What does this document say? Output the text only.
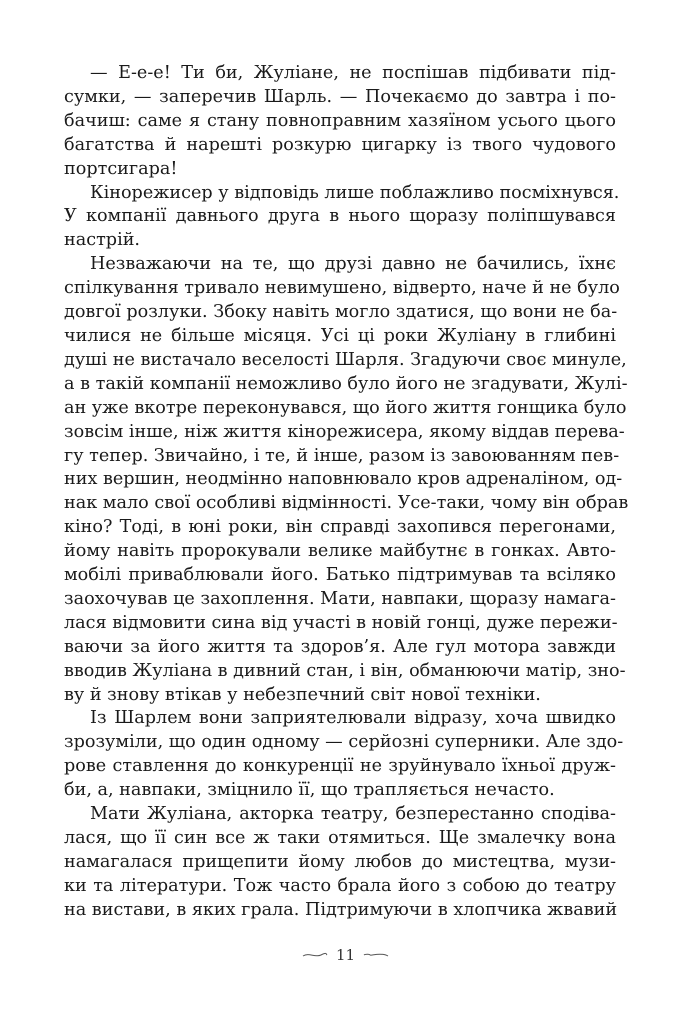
— Е-е-е! Ти би, Жуліане, не поспішав підбивати під-
сумки, — заперечив Шарль. — Почекаємо до завтра і по-
бачиш: саме я стану повноправним хазяїном усього цього
багатства й нарешті розкурю цигарку із твого чудового
портсигара!
Кінорежисер у відповідь лише поблажливо посміхнувся.
У компанії давнього друга в нього щоразу поліпшувався
настрій.
Незважаючи на те, що друзі давно не бачились, їхнє
спілкування тривало невимушено, відверто, наче й не було
довгої розлуки. Збоку навіть могло здатися, що вони не ба-
чилися не більше місяця. Усі ці роки Жуліану в глибині
душі не вистачало веселості Шарля. Згадуючи своє минуле,
а в такій компанії неможливо було його не згадувати, Жулі-
ан уже вкотре переконувався, що його життя гонщика було
зовсім інше, ніж життя кінорежисера, якому віддав перева-
гу тепер. Звичайно, і те, й інше, разом із завоюванням пев-
них вершин, неодмінно наповнювало кров адреналіном, од-
нак мало свої особливі відмінності. Усе-таки, чому він обрав
кіно? Тоді, в юні роки, він справді захопився перегонами,
йому навіть пророкували велике майбутнє в гонках. Авто-
мобілі приваблювали його. Батько підтримував та всіляко
заохочував це захоплення. Мати, навпаки, щоразу намага-
лася відмовити сина від участі в новій гонці, дуже пережи-
ваючи за його життя та здоров’я. Але гул мотора завжди
вводив Жуліана в дивний стан, і він, обманюючи матір, зно-
ву й знову втікав у небезпечний світ нової техніки.
Із Шарлем вони заприятелювали відразу, хоча швидко
зрозуміли, що один одному — серйозні суперники. Але здо-
рове ставлення до конкуренції не зруйнувало їхньої друж-
би, а, навпаки, зміцнило її, що трапляється нечасто.
Мати Жуліана, акторка театру, безперестанно сподіва-
лася, що її син все ж таки отямиться. Ще змалечку вона
намагалася прищепити йому любов до мистецтва, музи-
ки та літератури. Тож часто брала його з собою до театру
на вистави, в яких грала. Підтримуючи в хлопчика жвавий
11
